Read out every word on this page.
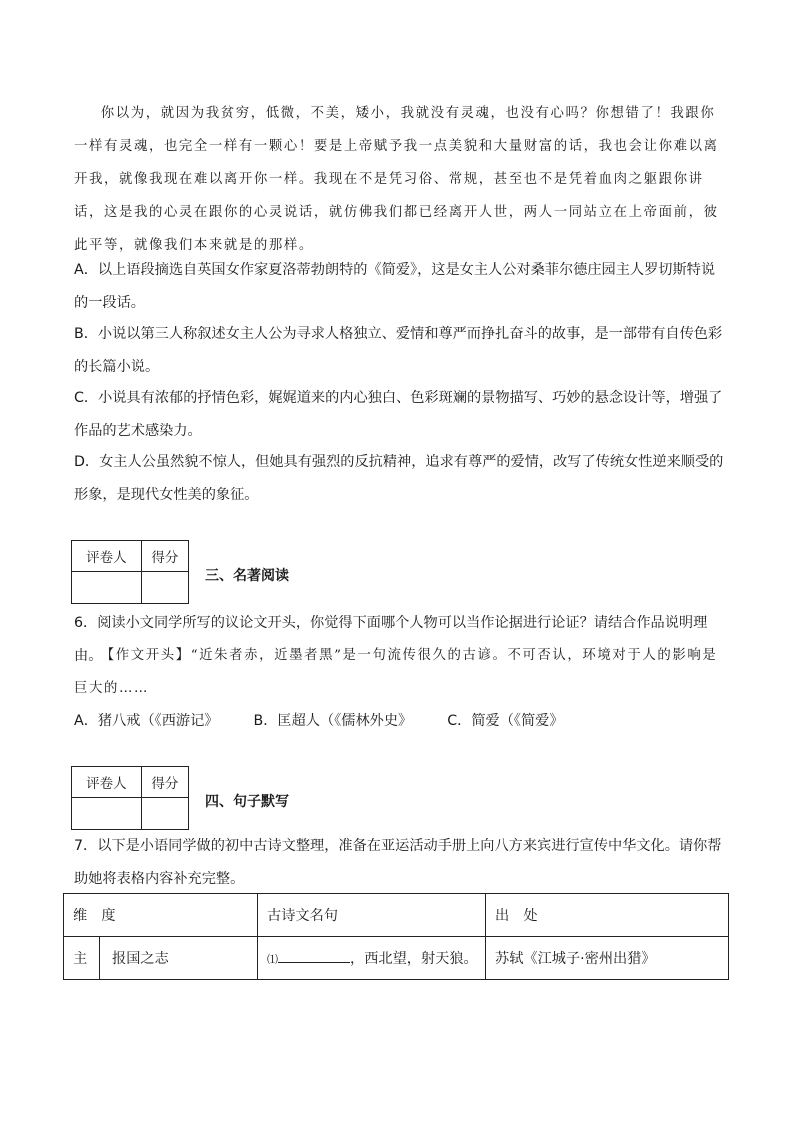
你以为，就因为我贫穷，低微，不美，矮小，我就没有灵魂，也没有心吗？你想错了！我跟你一样有灵魂，也完全一样有一颗心！要是上帝赋予我一点美貌和大量财富的话，我也会让你难以离开我，就像我现在难以离开你一样。我现在不是凭习俗、常规，甚至也不是凭着血肉之躯跟你讲话，这是我的心灵在跟你的心灵说话，就仿佛我们都已经离开人世，两人一同站立在上帝面前，彼此平等，就像我们本来就是的那样。
A．以上语段摘选自英国女作家夏洛蒂勃朗特的《简爱》，这是女主人公对桑菲尔德庄园主人罗切斯特说的一段话。
B．小说以第三人称叙述女主人公为寻求人格独立、爱情和尊严而挣扎奋斗的故事，是一部带有自传色彩的长篇小说。
C．小说具有浓郁的抒情色彩，娓娓道来的内心独白、色彩斑斓的景物描写、巧妙的悬念设计等，增强了作品的艺术感染力。
D．女主人公虽然貌不惊人，但她具有强烈的反抗精神，追求有尊严的爱情，改写了传统女性逆来顺受的形象，是现代女性美的象征。
评卷人	得分

三、名著阅读
6．阅读小文同学所写的议论文开头，你觉得下面哪个人物可以当作论据进行论证？请结合作品说明理由。
【作文开头】“近朱者赤，近墨者黑”是一句流传很久的古谚。不可否认，环境对于人的影响是巨大的……
A．猪八戒（《西游记》 B．匡超人（《儒林外史》 C．简爱（《简爱》
评卷人	得分

四、句子默写
7．以下是小语同学做的初中古诗文整理，准备在亚运活动手册上向八方来宾进行宣传中华文化。请你帮助她将表格内容补充完整。
维　度		古诗文名句	出　处
主	报国之志	⑴ ，西北望，射天狼。	苏轼《江城子·密州出猎》
